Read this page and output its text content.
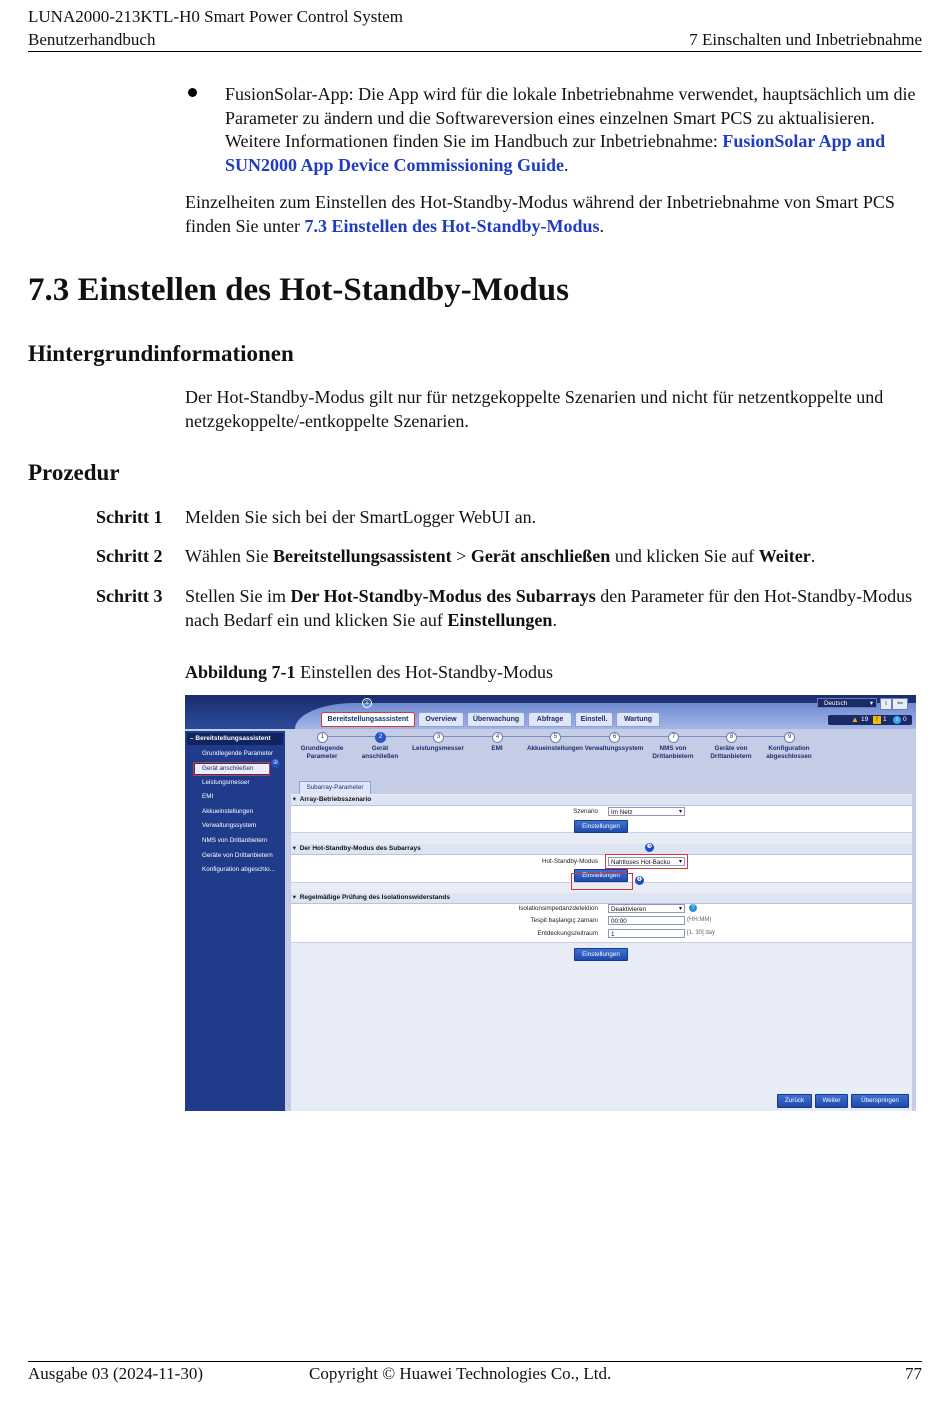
LUNA2000-213KTL-H0 Smart Power Control System
Benutzerhandbuch	7 Einschalten und Inbetriebnahme
FusionSolar-App: Die App wird für die lokale Inbetriebnahme verwendet, hauptsächlich um die Parameter zu ändern und die Softwareversion eines einzelnen Smart PCS zu aktualisieren. Weitere Informationen finden Sie im Handbuch zur Inbetriebnahme: FusionSolar App and SUN2000 App Device Commissioning Guide.
Einzelheiten zum Einstellen des Hot-Standby-Modus während der Inbetriebnahme von Smart PCS finden Sie unter 7.3 Einstellen des Hot-Standby-Modus.
7.3 Einstellen des Hot-Standby-Modus
Hintergrundinformationen
Der Hot-Standby-Modus gilt nur für netzgekoppelte Szenarien und nicht für netzentkoppelte und netzgekoppelte/-entkoppelte Szenarien.
Prozedur
Schritt 1 Melden Sie sich bei der SmartLogger WebUI an.
Schritt 2 Wählen Sie Bereitstellungsassistent > Gerät anschließen und klicken Sie auf Weiter.
Schritt 3 Stellen Sie im Der Hot-Standby-Modus des Subarrays den Parameter für den Hot-Standby-Modus nach Bedarf ein und klicken Sie auf Einstellungen.
Abbildung 7-1 Einstellen des Hot-Standby-Modus
①	Deutsch	▾	i	⇦
▲ 19	! 1	i 0
Bereitstellungsassistent	Overview	Überwachung	Abfrage	Einstell.	Wartung
– Bereitstellungsassistent
Grundlegende Parameter
Gerät anschließen
Leistungsmesser
EMI
Akkueinstellungen
Verwaltungssystem
NMS von Drittanbietern
Geräte von Drittanbietern
Konfiguration abgeschlo...
②
1
Grundlegende
Parameter
2
Gerät
anschließen
3
Leistungsmesser
4
EMI
5
Akkueinstellungen
6
Verwaltungssystem
7
NMS von
Drittanbietern
8
Geräte von
Drittanbietern
9
Konfiguration
abgeschlossen
Subarray-Parameter
▾  Array-Betriebsszenario
Szenario	Im Netz	▾
Einstellungen
▾  Der Hot-Standby-Modus des Subarrays
Hot-Standby-Modus	Nahtloses Hot-Backu ▾
Einstellungen
▾  Regelmäßige Prüfung des Isolationswiderstands
Isolationsimpedanzdetektion	Deaktivieren	▾	?
Tespit başlangıç zamanı	00:00	(HH:MM)
Entdeckungszeitraum	1	[1, 30] day
Einstellungen
❸
❹
Zurück	Weiter	Überspringen
Ausgabe 03 (2024-11-30)	Copyright © Huawei Technologies Co., Ltd.	77
